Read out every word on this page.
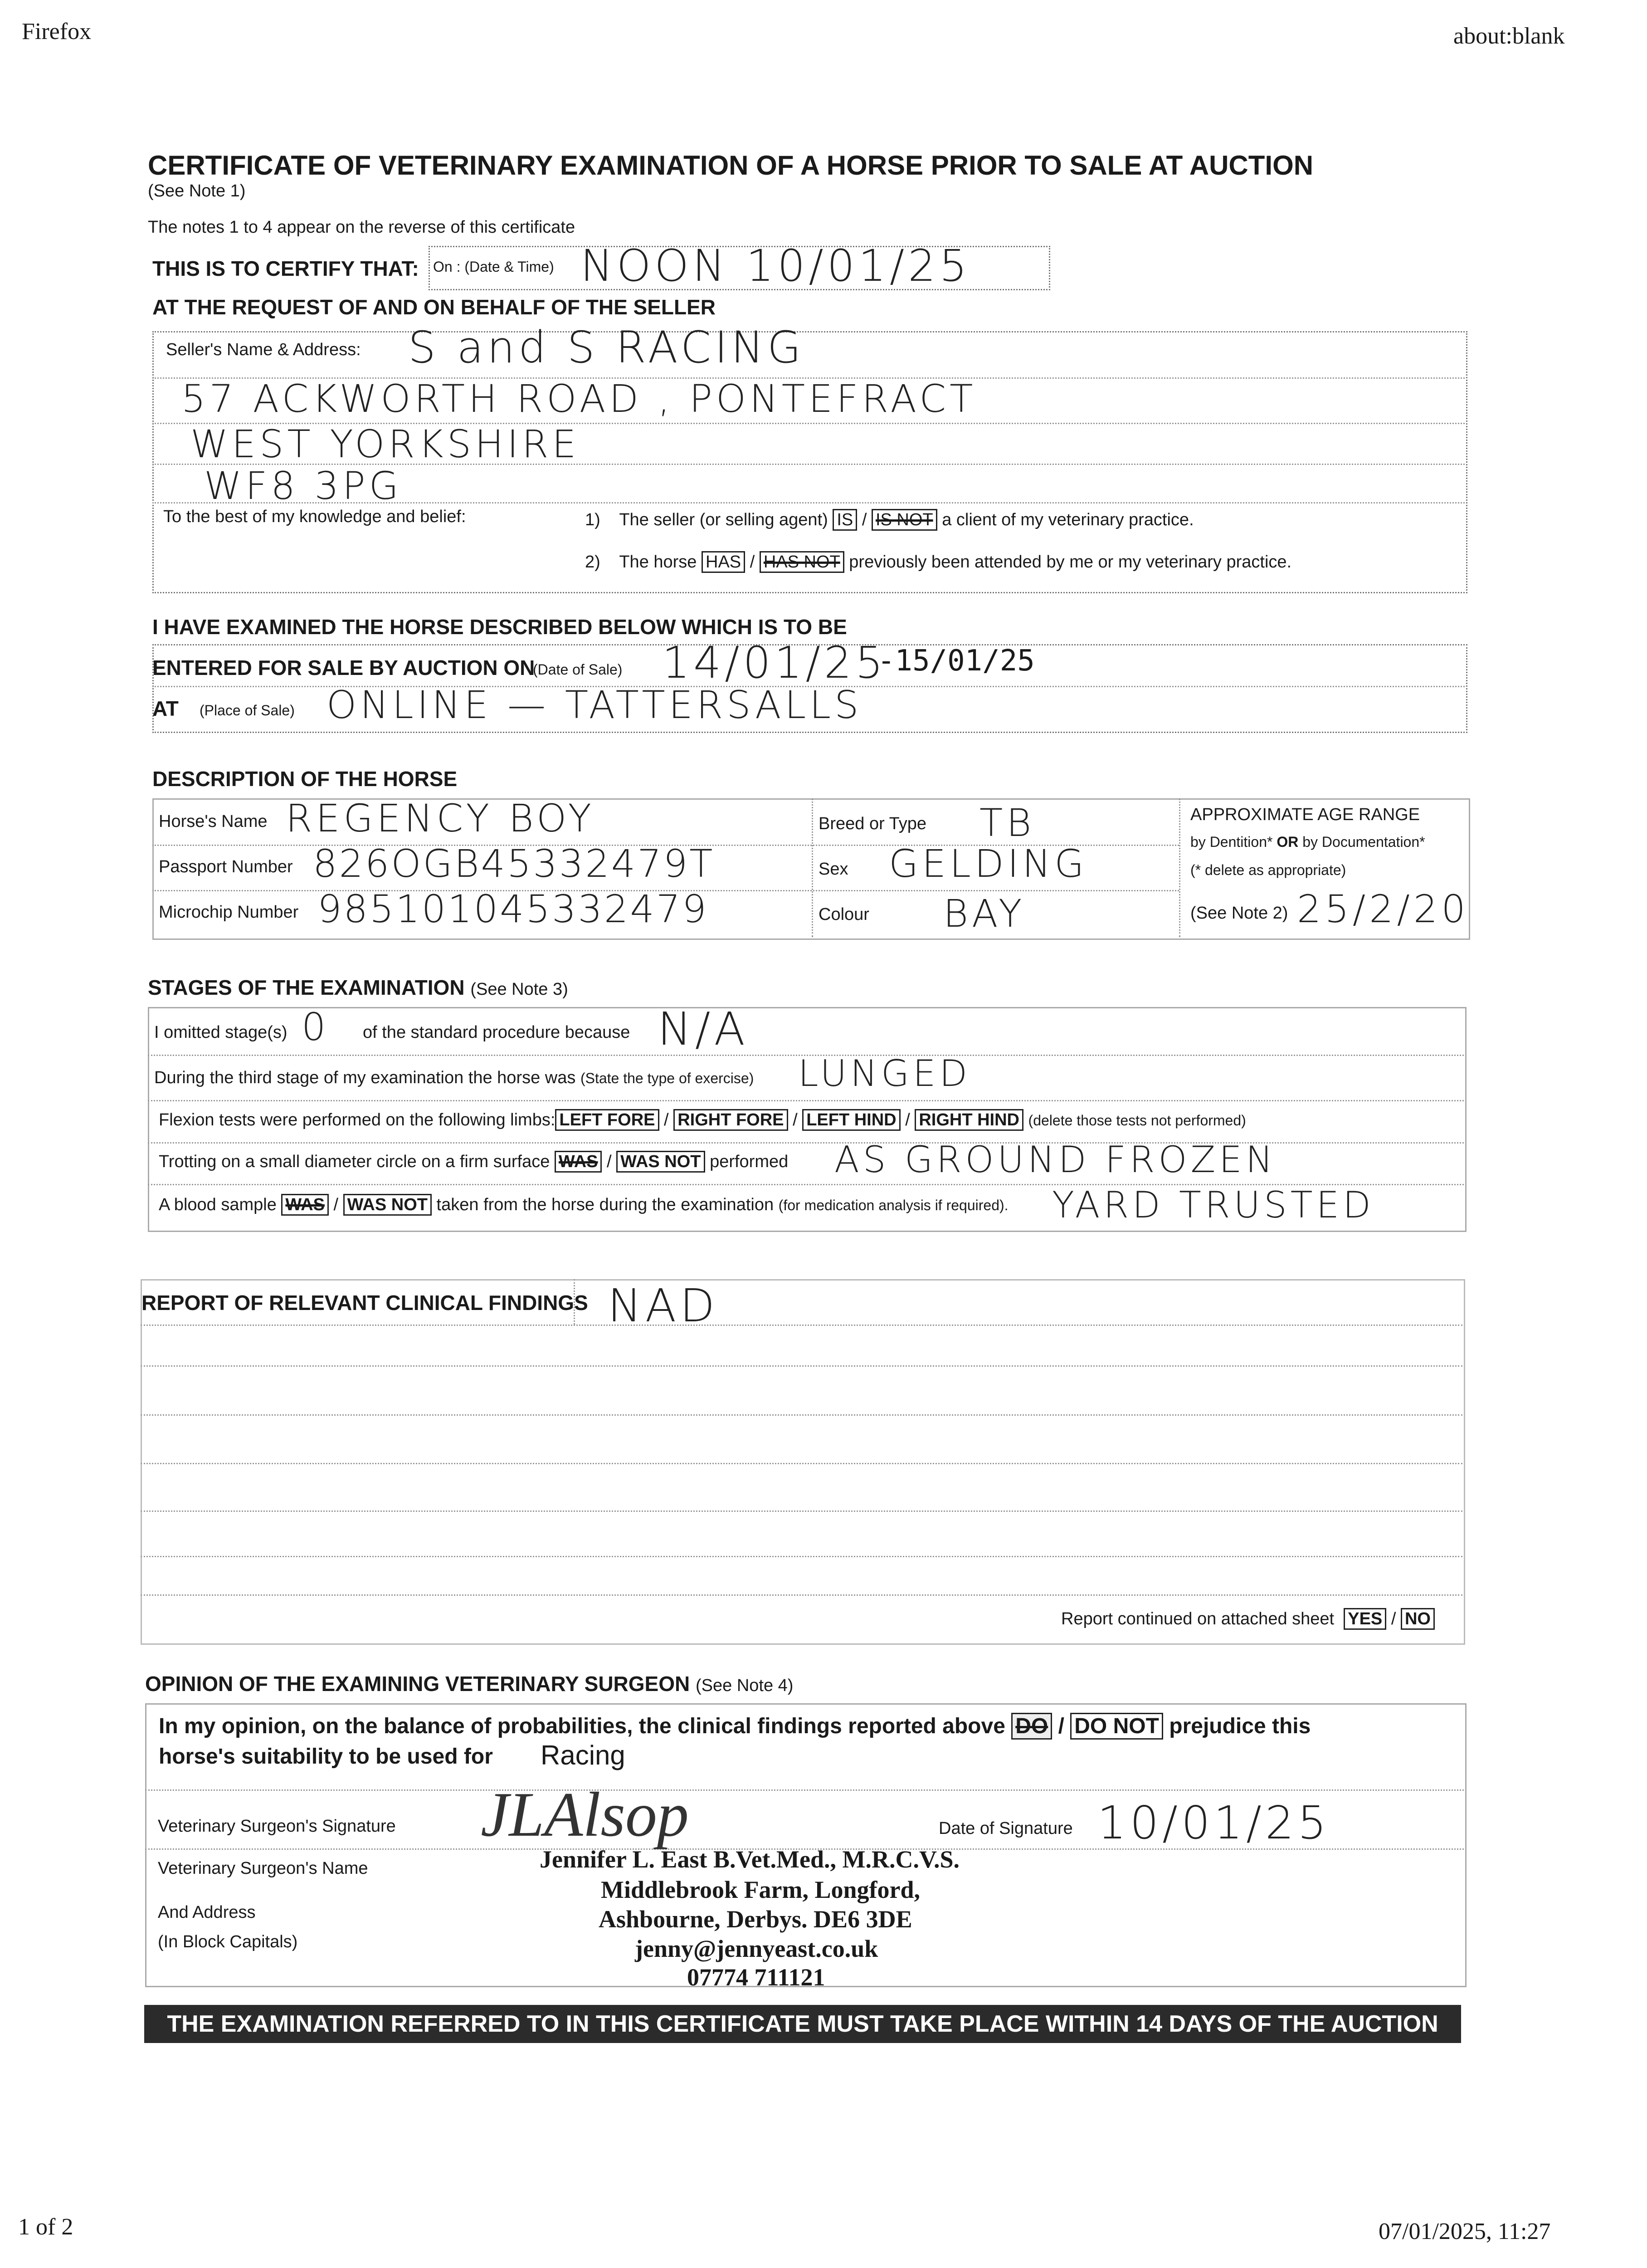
Firefox	about:blank
1 of 2	07/01/2025, 11:27
CERTIFICATE OF VETERINARY EXAMINATION OF A HORSE PRIOR TO SALE AT AUCTION
(See Note 1)
The notes 1 to 4 appear on the reverse of this certificate
THIS IS TO CERTIFY THAT: On : (Date & Time) NOON 10/01/25
AT THE REQUEST OF AND ON BEHALF OF THE SELLER
Seller's Name & Address: S and S RACING
57 ACKWORTH ROAD , PONTEFRACT
WEST YORKSHIRE
WF8 3PG
To the best of my knowledge and belief:	1) The seller (or selling agent) IS / IS NOT a client of my veterinary practice.
2) The horse HAS / HAS NOT previously been attended by me or my veterinary practice.
I HAVE EXAMINED THE HORSE DESCRIBED BELOW WHICH IS TO BE
ENTERED FOR SALE BY AUCTION ON
(Date of Sale) 14/01/25
-15/01/25
AT (Place of Sale) ONLINE — TATTERSALLS
DESCRIPTION OF THE HORSE
Horse's Name REGENCY BOY
Passport Number 826OGB45332479T
Microchip Number 985101045332479
Breed or Type TB
Sex GELDING
Colour BAY
APPROXIMATE AGE RANGE
by Dentition* OR by Documentation*
(* delete as appropriate)
(See Note 2) 25/2/20
STAGES OF THE EXAMINATION (See Note 3)
I omitted stage(s) 0 of the standard procedure because N/A
During the third stage of my examination the horse was (State the type of exercise) LUNGED
Flexion tests were performed on the following limbs: LEFT FORE / RIGHT FORE / LEFT HIND / RIGHT HIND (delete those tests not performed)
Trotting on a small diameter circle on a firm surface WAS / WAS NOT performed AS GROUND FROZEN
A blood sample WAS / WAS NOT taken from the horse during the examination (for medication analysis if required). YARD TRUSTED
REPORT OF RELEVANT CLINICAL FINDINGS NAD
Report continued on attached sheet YES / NO
OPINION OF THE EXAMINING VETERINARY SURGEON (See Note 4)
In my opinion, on the balance of probabilities, the clinical findings reported above DO / DO NOT prejudice this
horse's suitability to be used for Racing
Veterinary Surgeon's Signature JLAlsop	Date of Signature 10/01/25
Veterinary Surgeon's Name
And Address
(In Block Capitals)
Jennifer L. East B.Vet.Med., M.R.C.V.S.
Middlebrook Farm, Longford,
Ashbourne, Derbys. DE6 3DE
jenny@jennyeast.co.uk
07774 711121
THE EXAMINATION REFERRED TO IN THIS CERTIFICATE MUST TAKE PLACE WITHIN 14 DAYS OF THE AUCTION
